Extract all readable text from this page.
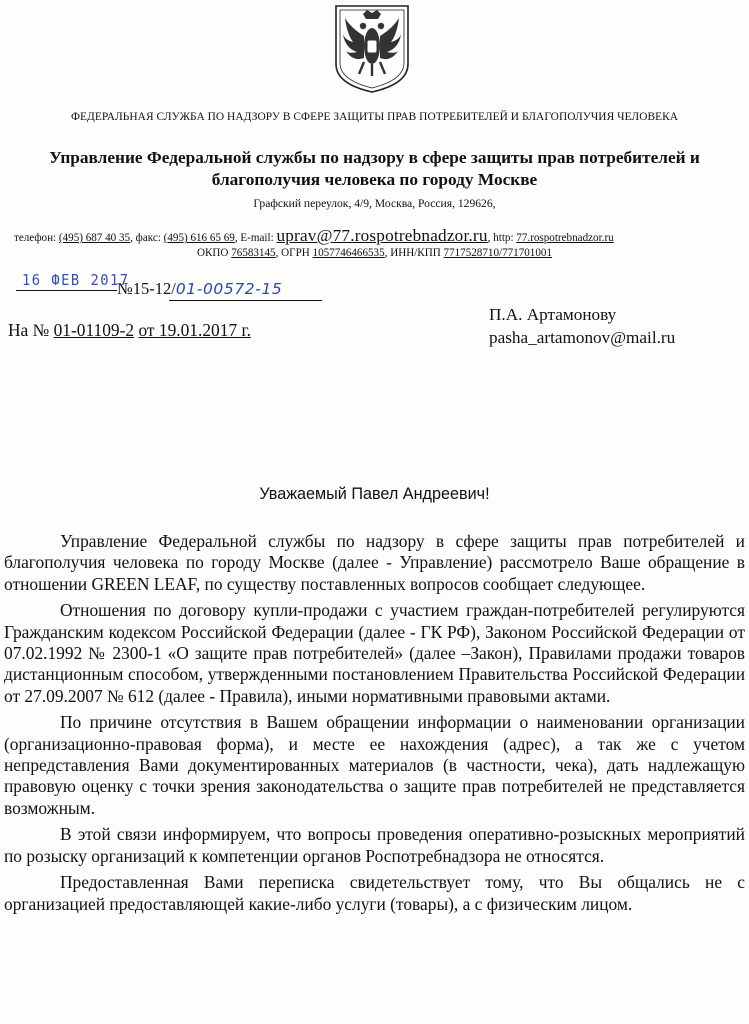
ФЕДЕРАЛЬНАЯ СЛУЖБА ПО НАДЗОРУ В СФЕРЕ ЗАЩИТЫ ПРАВ ПОТРЕБИТЕЛЕЙ И БЛАГОПОЛУЧИЯ ЧЕЛОВЕКА
Управление Федеральной службы по надзору в сфере защиты прав потребителей и благополучия человека по городу Москве
Графский переулок, 4/9, Москва, Россия, 129626,
телефон: (495) 687 40 35, факс: (495) 616 65 69, E-mail: uprav@77.rospotrebnadzor.ru, http: 77.rospotrebnadzor.ru
ОКПО 76583145, ОГРН 1057746466535, ИНН/КПП 7717528710/771701001
16 ФЕВ 2017
№15-12/01-00572-15
П.А. Артамонову
pasha_artamonov@mail.ru
На № 01-01109-2 от 19.01.2017 г.
Уважаемый Павел Андреевич!

Управление Федеральной службы по надзору в сфере защиты прав потребителей и благополучия человека по городу Москве (далее - Управление) рассмотрело Ваше обращение в отношении GREEN LEAF, по существу поставленных вопросов сообщает следующее.

Отношения по договору купли-продажи с участием граждан-потребителей регулируются Гражданским кодексом Российской Федерации (далее - ГК РФ), Законом Российской Федерации от 07.02.1992 № 2300-1 «О защите прав потребителей» (далее –Закон), Правилами продажи товаров дистанционным способом, утвержденными постановлением Правительства Российской Федерации от 27.09.2007 № 612 (далее - Правила), иными нормативными правовыми актами.

По причине отсутствия в Вашем обращении информации о наименовании организации (организационно-правовая форма), и месте ее нахождения (адрес), а так же с учетом непредставления Вами документированных материалов (в частности, чека), дать надлежащую правовую оценку с точки зрения законодательства о защите прав потребителей не представляется возможным.

В этой связи информируем, что вопросы проведения оперативно-розыскных мероприятий по розыску организаций к компетенции органов Роспотребнадзора не относятся.

Предоставленная Вами переписка свидетельствует тому, что Вы общались не с организацией предоставляющей какие-либо услуги (товары), а с физическим лицом.
